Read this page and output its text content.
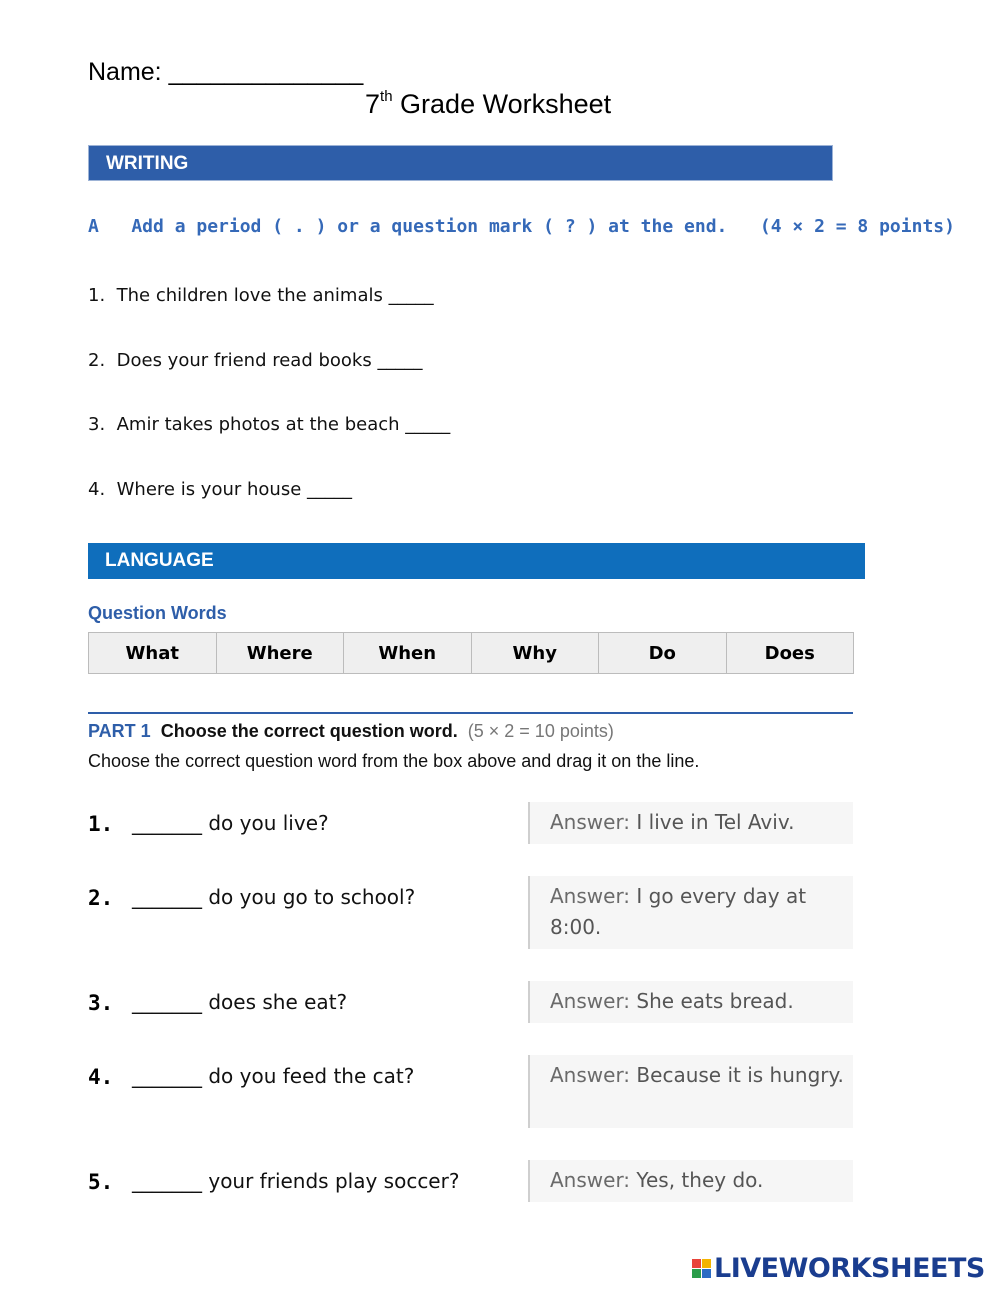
Name: ______________
7th Grade Worksheet
WRITING
A   Add a period ( . ) or a question mark ( ? ) at the end.   (4 × 2 = 8 points)
1.  The children love the animals _____
2.  Does your friend read books _____
3.  Amir takes photos at the beach _____
4.  Where is your house _____
LANGUAGE
Question Words
What	Where	When	Why	Do	Does
PART 1 Choose the correct question word. (5 × 2 = 10 points)
Choose the correct question word from the box above and drag it on the line.
1. _______ do you live?	Answer: I live in Tel Aviv.
2. _______ do you go to school?	Answer: I go every day at 8:00.
3. _______ does she eat?	Answer: She eats bread.
4. _______ do you feed the cat?	Answer: Because it is hungry.
5. _______ your friends play soccer?	Answer: Yes, they do.
LIVEWORKSHEETS
